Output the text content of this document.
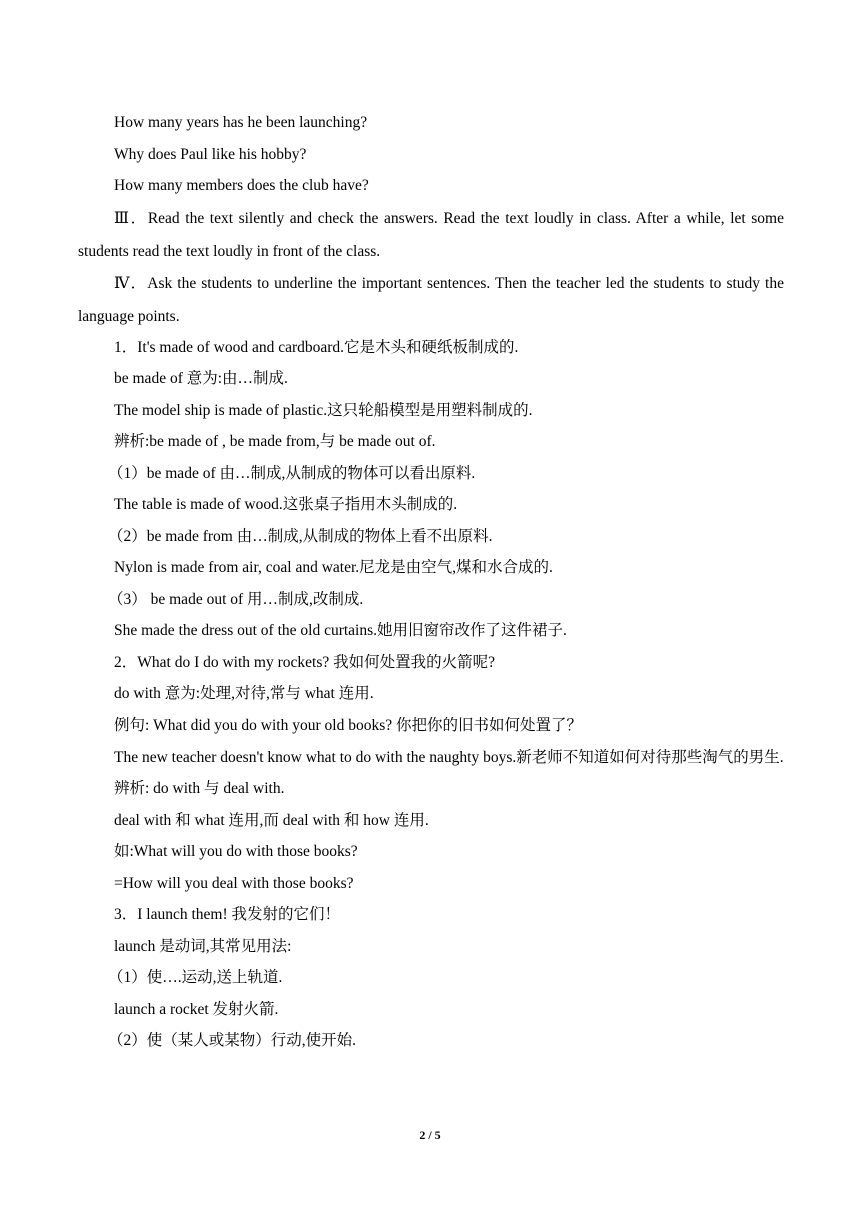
How many years has he been launching?
Why does Paul like his hobby?
How many members does the club have?
Ⅲ．Read the text silently and check the answers. Read the text loudly in class. After a while, let some students read the text loudly in front of the class.
Ⅳ．Ask the students to underline the important sentences. Then the teacher led the students to study the language points.
1．It's made of wood and cardboard.它是木头和硬纸板制成的.
be made of 意为:由…制成.
The model ship is made of plastic.这只轮船模型是用塑料制成的.
辨析:be made of , be made from,与 be made out of.
（1）be made of 由…制成,从制成的物体可以看出原料.
The table is made of wood.这张桌子指用木头制成的.
（2）be made from 由…制成,从制成的物体上看不出原料.
Nylon is made from air, coal and water.尼龙是由空气,煤和水合成的.
（3） be made out of 用…制成,改制成.
She made the dress out of the old curtains.她用旧窗帘改作了这件裙子.
2．What do I do with my rockets? 我如何处置我的火箭呢?
do with 意为:处理,对待,常与 what 连用.
例句: What did you do with your old books? 你把你的旧书如何处置了？
The new teacher doesn't know what to do with the naughty boys.新老师不知道如何对待那些淘气的男生.
辨析: do with 与 deal with.
deal with 和 what 连用,而 deal with 和 how 连用.
如:What will you do with those books?
=How will you deal with those books?
3．I launch them! 我发射的它们！
launch 是动词,其常见用法:
（1）使….运动,送上轨道.
launch a rocket 发射火箭.
（2）使（某人或某物）行动,使开始.
2 / 5
